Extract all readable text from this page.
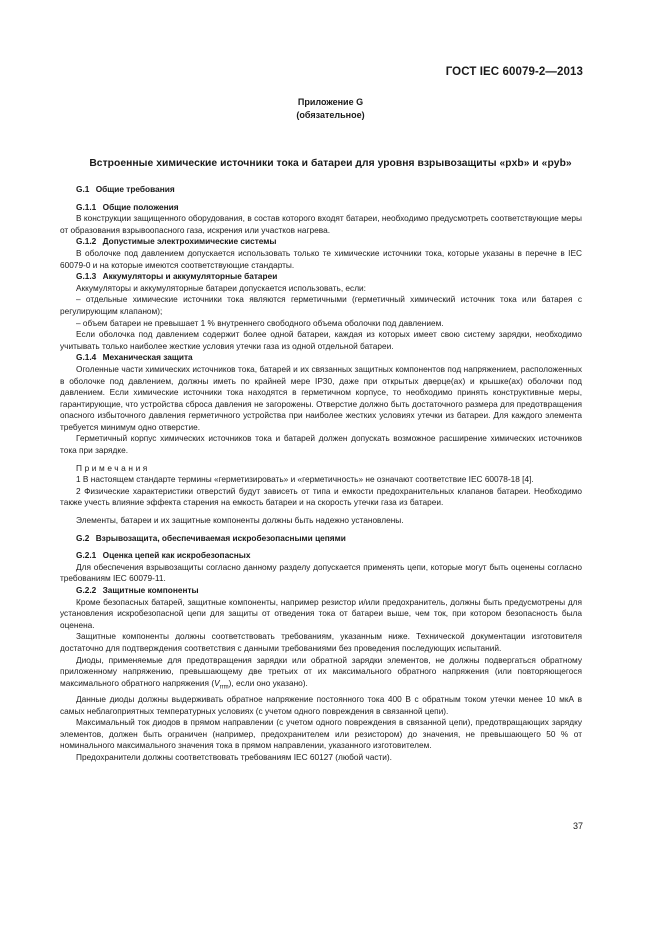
ГОСТ IEC 60079-2—2013
Приложение G
(обязательное)
Встроенные химические источники тока и батареи для уровня взрывозащиты «pxb» и «pyb»

G.1 Общие требования

G.1.1 Общие положения

В конструкции защищенного оборудования, в состав которого входят батареи, необходимо предусмотреть соответствующие меры от образования взрывоопасного газа, искрения или участков нагрева.

G.1.2 Допустимые электрохимические системы

В оболочке под давлением допускается использовать только те химические источники тока, которые указаны в перечне в IEC 60079-0 и на которые имеются соответствующие стандарты.

G.1.3 Аккумуляторы и аккумуляторные батареи

Аккумуляторы и аккумуляторные батареи допускается использовать, если:

– отдельные химические источники тока являются герметичными (герметичный химический источник тока или батарея с регулирующим клапаном);

– объем батареи не превышает 1 % внутреннего свободного объема оболочки под давлением.

Если оболочка под давлением содержит более одной батареи, каждая из которых имеет свою систему зарядки, необходимо учитывать только наиболее жесткие условия утечки газа из одной отдельной батареи.

G.1.4 Механическая защита

Оголенные части химических источников тока, батарей и их связанных защитных компонентов под напряжением, расположенных в оболочке под давлением, должны иметь по крайней мере IP30, даже при открытых дверце(ах) и крышке(ах) оболочки под давлением. Если химические источники тока находятся в герметичном корпусе, то необходимо принять конструктивные меры, гарантирующие, что устройства сброса давления не загорожены. Отверстие должно быть достаточного размера для предотвращения опасного избыточного давления герметичного устройства при наиболее жестких условиях утечки из батареи. Для каждого элемента требуется минимум одно отверстие.

Герметичный корпус химических источников тока и батарей должен допускать возможное расширение химических источников тока при зарядке.

Примечания

1 В настоящем стандарте термины «герметизировать» и «герметичность» не означают соответствие IEC 60078-18 [4].

2 Физические характеристики отверстий будут зависеть от типа и емкости предохранительных клапанов батареи. Необходимо также учесть влияние эффекта старения на емкость батареи и на скорость утечки газа из батареи.

Элементы, батареи и их защитные компоненты должны быть надежно установлены.

G.2 Взрывозащита, обеспечиваемая искробезопасными цепями

G.2.1 Оценка цепей как искробезопасных

Для обеспечения взрывозащиты согласно данному разделу допускается применять цепи, которые могут быть оценены согласно требованиям IEC 60079-11.

G.2.2 Защитные компоненты

Кроме безопасных батарей, защитные компоненты, например резистор и/или предохранитель, должны быть предусмотрены для установления искробезопасной цепи для защиты от отведения тока от батареи выше, чем ток, при котором безопасность была оценена.

Защитные компоненты должны соответствовать требованиям, указанным ниже. Технической документации изготовителя достаточно для подтверждения соответствия с данными требованиями без проведения последующих испытаний.

Диоды, применяемые для предотвращения зарядки или обратной зарядки элементов, не должны подвергаться обратному приложенному напряжению, превышающему две третьих от их максимального обратного напряжения (или повторяющегося максимального обратного напряжения $(V_{rrm})$, если оно указано).

Данные диоды должны выдерживать обратное напряжение постоянного тока 400 В с обратным током утечки менее 10 мкА в самых неблагоприятных температурных условиях (с учетом одного повреждения в связанной цепи).

Максимальный ток диодов в прямом направлении (с учетом одного повреждения в связанной цепи), предотвращающих зарядку элементов, должен быть ограничен (например, предохранителем или резистором) до значения, не превышающего 50 % от номинального максимального значения тока в прямом направлении, указанного изготовителем.

Предохранители должны соответствовать требованиям IEC 60127 (любой части).

37
